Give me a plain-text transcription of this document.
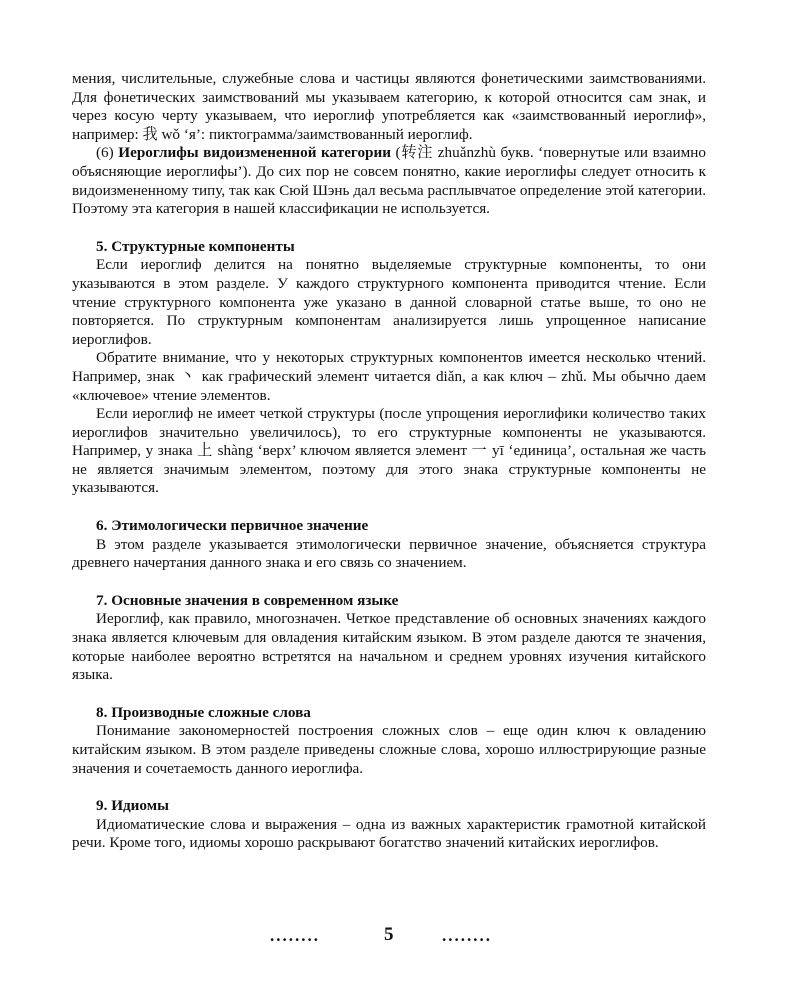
мения, числительные, служебные слова и частицы являются фонетическими заимствованиями. Для фонетических заимствований мы указываем категорию, к которой относится сам знак, и через косую черту указываем, что иероглиф употребляется как «заимствованный иероглиф», например: 我 wǒ ‘я’: пиктограмма/заимствованный иероглиф.

(6) Иероглифы видоизмененной категории (转注 zhuǎnzhù букв. ‘повернутые или взаимно объясняющие иероглифы’). До сих пор не совсем понятно, какие иероглифы следует относить к видоизмененному типу, так как Сюй Шэнь дал весьма расплывчатое определение этой категории. Поэтому эта категория в нашей классификации не используется.

5. Структурные компоненты

Если иероглиф делится на понятно выделяемые структурные компоненты, то они указываются в этом разделе. У каждого структурного компонента приводится чтение. Если чтение структурного компонента уже указано в данной словарной статье выше, то оно не повторяется. По структурным компонентам анализируется лишь упрощенное написание иероглифов.

Обратите внимание, что у некоторых структурных компонентов имеется несколько чтений. Например, знак 丶 как графический элемент читается diǎn, а как ключ – zhǔ. Мы обычно даем «ключевое» чтение элементов.

Если иероглиф не имеет четкой структуры (после упрощения иероглифики количество таких иероглифов значительно увеличилось), то его структурные компоненты не указываются. Например, у знака 上 shàng ‘верх’ ключом является элемент 一 yī ‘единица’, остальная же часть не является значимым элементом, поэтому для этого знака структурные компоненты не указываются.

6. Этимологически первичное значение

В этом разделе указывается этимологически первичное значение, объясняется структура древнего начертания данного знака и его связь со значением.

7. Основные значения в современном языке

Иероглиф, как правило, многозначен. Четкое представление об основных значениях каждого знака является ключевым для овладения китайским языком. В этом разделе даются те значения, которые наиболее вероятно встретятся на начальном и среднем уровнях изучения китайского языка.

8. Производные сложные слова

Понимание закономерностей построения сложных слов – еще один ключ к овладению китайским языком. В этом разделе приведены сложные слова, хорошо иллюстрирующие разные значения и сочетаемость данного иероглифа.

9. Идиомы

Идиоматические слова и выражения – одна из важных характеристик грамотной китайской речи. Кроме того, идиомы хорошо раскрывают богатство значений китайских иероглифов.

........	5	........
